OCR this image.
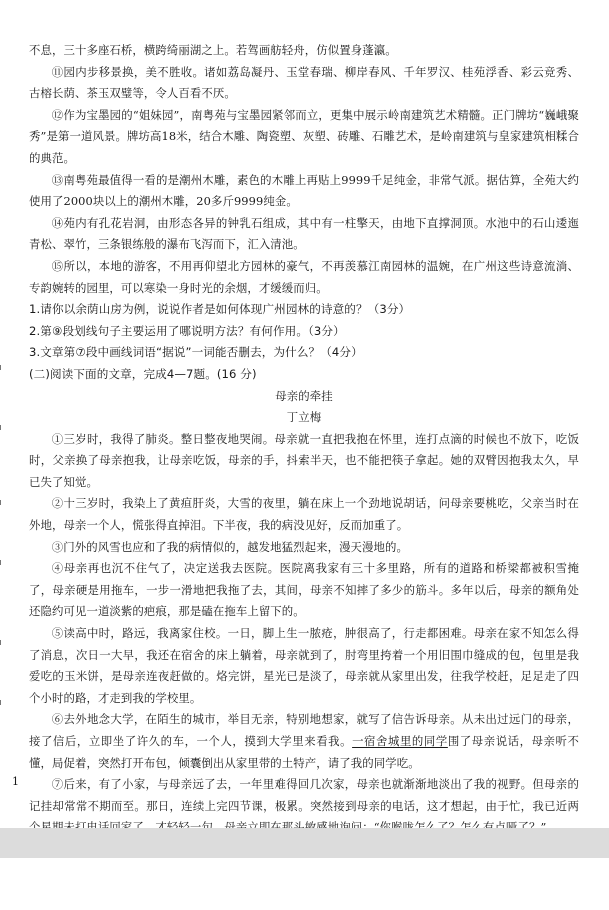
不息，三十多座石桥，横跨绮丽湖之上。若驾画舫轻舟，仿似置身蓬瀛。

⑪园内步移景换，美不胜收。诸如荔岛凝丹、玉堂春瑞、柳岸春风、千年罗汉、桂苑浮香、彩云竞秀、古榕长荫、茶玉双璧等，令人百看不厌。

⑫作为宝墨园的“姐妹园”，南粤苑与宝墨园紧邻而立，更集中展示岭南建筑艺术精髓。正门牌坊“巍峨聚秀”是第一道风景。牌坊高18米，结合木雕、陶瓷塑、灰塑、砖雕、石雕艺术，是岭南建筑与皇家建筑相糅合的典范。

⑬南粤苑最值得一看的是潮州木雕，素色的木雕上再贴上9999千足纯金，非常气派。据估算，全苑大约使用了2000块以上的潮州木雕，20多斤9999纯金。

⑭苑内有孔花岩洞，由形态各异的钟乳石组成，其中有一柱擎天，由地下直撑洞顶。水池中的石山逶迤青松、翠竹，三条银练般的瀑布飞泻而下，汇入清池。

⑮所以，本地的游客，不用再仰望北方园林的豪气，不再羡慕江南园林的温婉，在广州这些诗意流淌、专韵婉转的园里，可以寒染一身时光的余烟，才缓缓而归。

1.请你以余荫山房为例，说说作者是如何体现广州园林的诗意的？（3分）

2.第⑨段划线句子主要运用了哪说明方法？有何作用。（3分）

3.文章第⑦段中画线词语“据说”一词能否删去，为什么？（4分）

(二)阅读下面的文章，完成4—7题。(16 分)

母亲的牵挂

丁立梅

①三岁时，我得了肺炎。整日整夜地哭闹。母亲就一直把我抱在怀里，连打点滴的时候也不放下，吃饭时，父亲换了母亲抱我，让母亲吃饭，母亲的手，抖索半天，也不能把筷子拿起。她的双臂因抱我太久，早已失了知觉。

②十三岁时，我染上了黄疸肝炎，大雪的夜里，躺在床上一个劲地说胡话，问母亲要桃吃，父亲当时在外地，母亲一个人，慌张得直掉泪。下半夜，我的病没见好，反而加重了。

③门外的风雪也应和了我的病情似的，越发地猛烈起来，漫天漫地的。

④母亲再也沉不住气了，决定送我去医院。医院离我家有三十多里路，所有的道路和桥梁都被积雪掩了，母亲硬是用拖车，一步一滑地把我拖了去，其间，母亲不知摔了多少的筋斗。多年以后，母亲的额角处还隐约可见一道淡紫的疤痕，那是磕在拖车上留下的。

⑤读高中时，路远，我离家住校。一日，脚上生一脓疮，肿很高了，行走都困难。母亲在家不知怎么得了消息，次日一大早，我还在宿舍的床上躺着，母亲就到了，肘弯里挎着一个用旧围巾缝成的包，包里是我爱吃的玉米饼，是母亲连夜赶做的。烙完饼，星光已是淡了，母亲就从家里出发，往我学校赶，足足走了四个小时的路，才走到我的学校里。

⑥去外地念大学，在陌生的城市，举目无亲，特别地想家，就写了信告诉母亲。从未出过远门的母亲，接了信后，立即坐了许久的车，一个人，摸到大学里来看我。一宿舍城里的同学围了母亲说话，母亲听不懂，局促着，突然打开布包，倾囊倒出从家里带的土特产，请了我的同学吃。

⑦后来，有了小家，与母亲远了去，一年里难得回几次家，母亲也就渐渐地淡出了我的视野。但母亲的记挂却常常不期而至。那日，连续上完四节课，极累。突然接到母亲的电话，这才想起，由于忙，我已近两

1
